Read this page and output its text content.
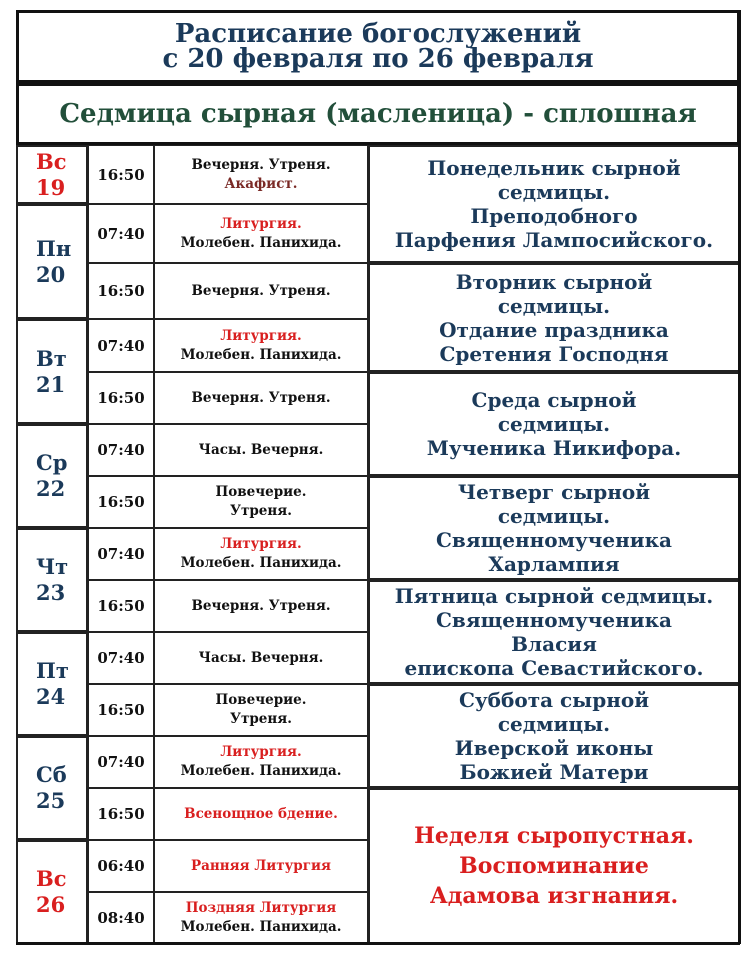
Расписание богослужений
с 20 февраля по 26 февраля
Седмица сырная (масленица) - сплошная
Вс
19
Пн
20
Вт
21
Ср
22
Чт
23
Пт
24
Сб
25
Вс
26
16:50
07:40
16:50
07:40
16:50
07:40
16:50
07:40
16:50
07:40
16:50
07:40
16:50
06:40
08:40
Вечерня. Утреня.
Акафист.
Литургия.
Молебен. Панихида.
Вечерня. Утреня.
Литургия.
Молебен. Панихида.
Вечерня. Утреня.
Часы. Вечерня.
Повечерие.
Утреня.
Литургия.
Молебен. Панихида.
Вечерня. Утреня.
Часы. Вечерня.
Повечерие.
Утреня.
Литургия.
Молебен. Панихида.
Всенощное бдение.
Ранняя Литургия
Поздняя Литургия
Молебен. Панихида.
Понедельник сырной
седмицы.
Преподобного
Парфения Лампосийского.
Вторник сырной
седмицы.
Отдание праздника
Сретения Господня
Среда сырной
седмицы.
Мученика Никифора.
Четверг сырной
седмицы.
Священномученика
Харлампия
Пятница сырной седмицы.
Священномученика
Власия
епископа Севастийского.
Суббота сырной
седмицы.
Иверской иконы
Божией Матери
Неделя сыропустная.
Воспоминание
Адамова изгнания.
